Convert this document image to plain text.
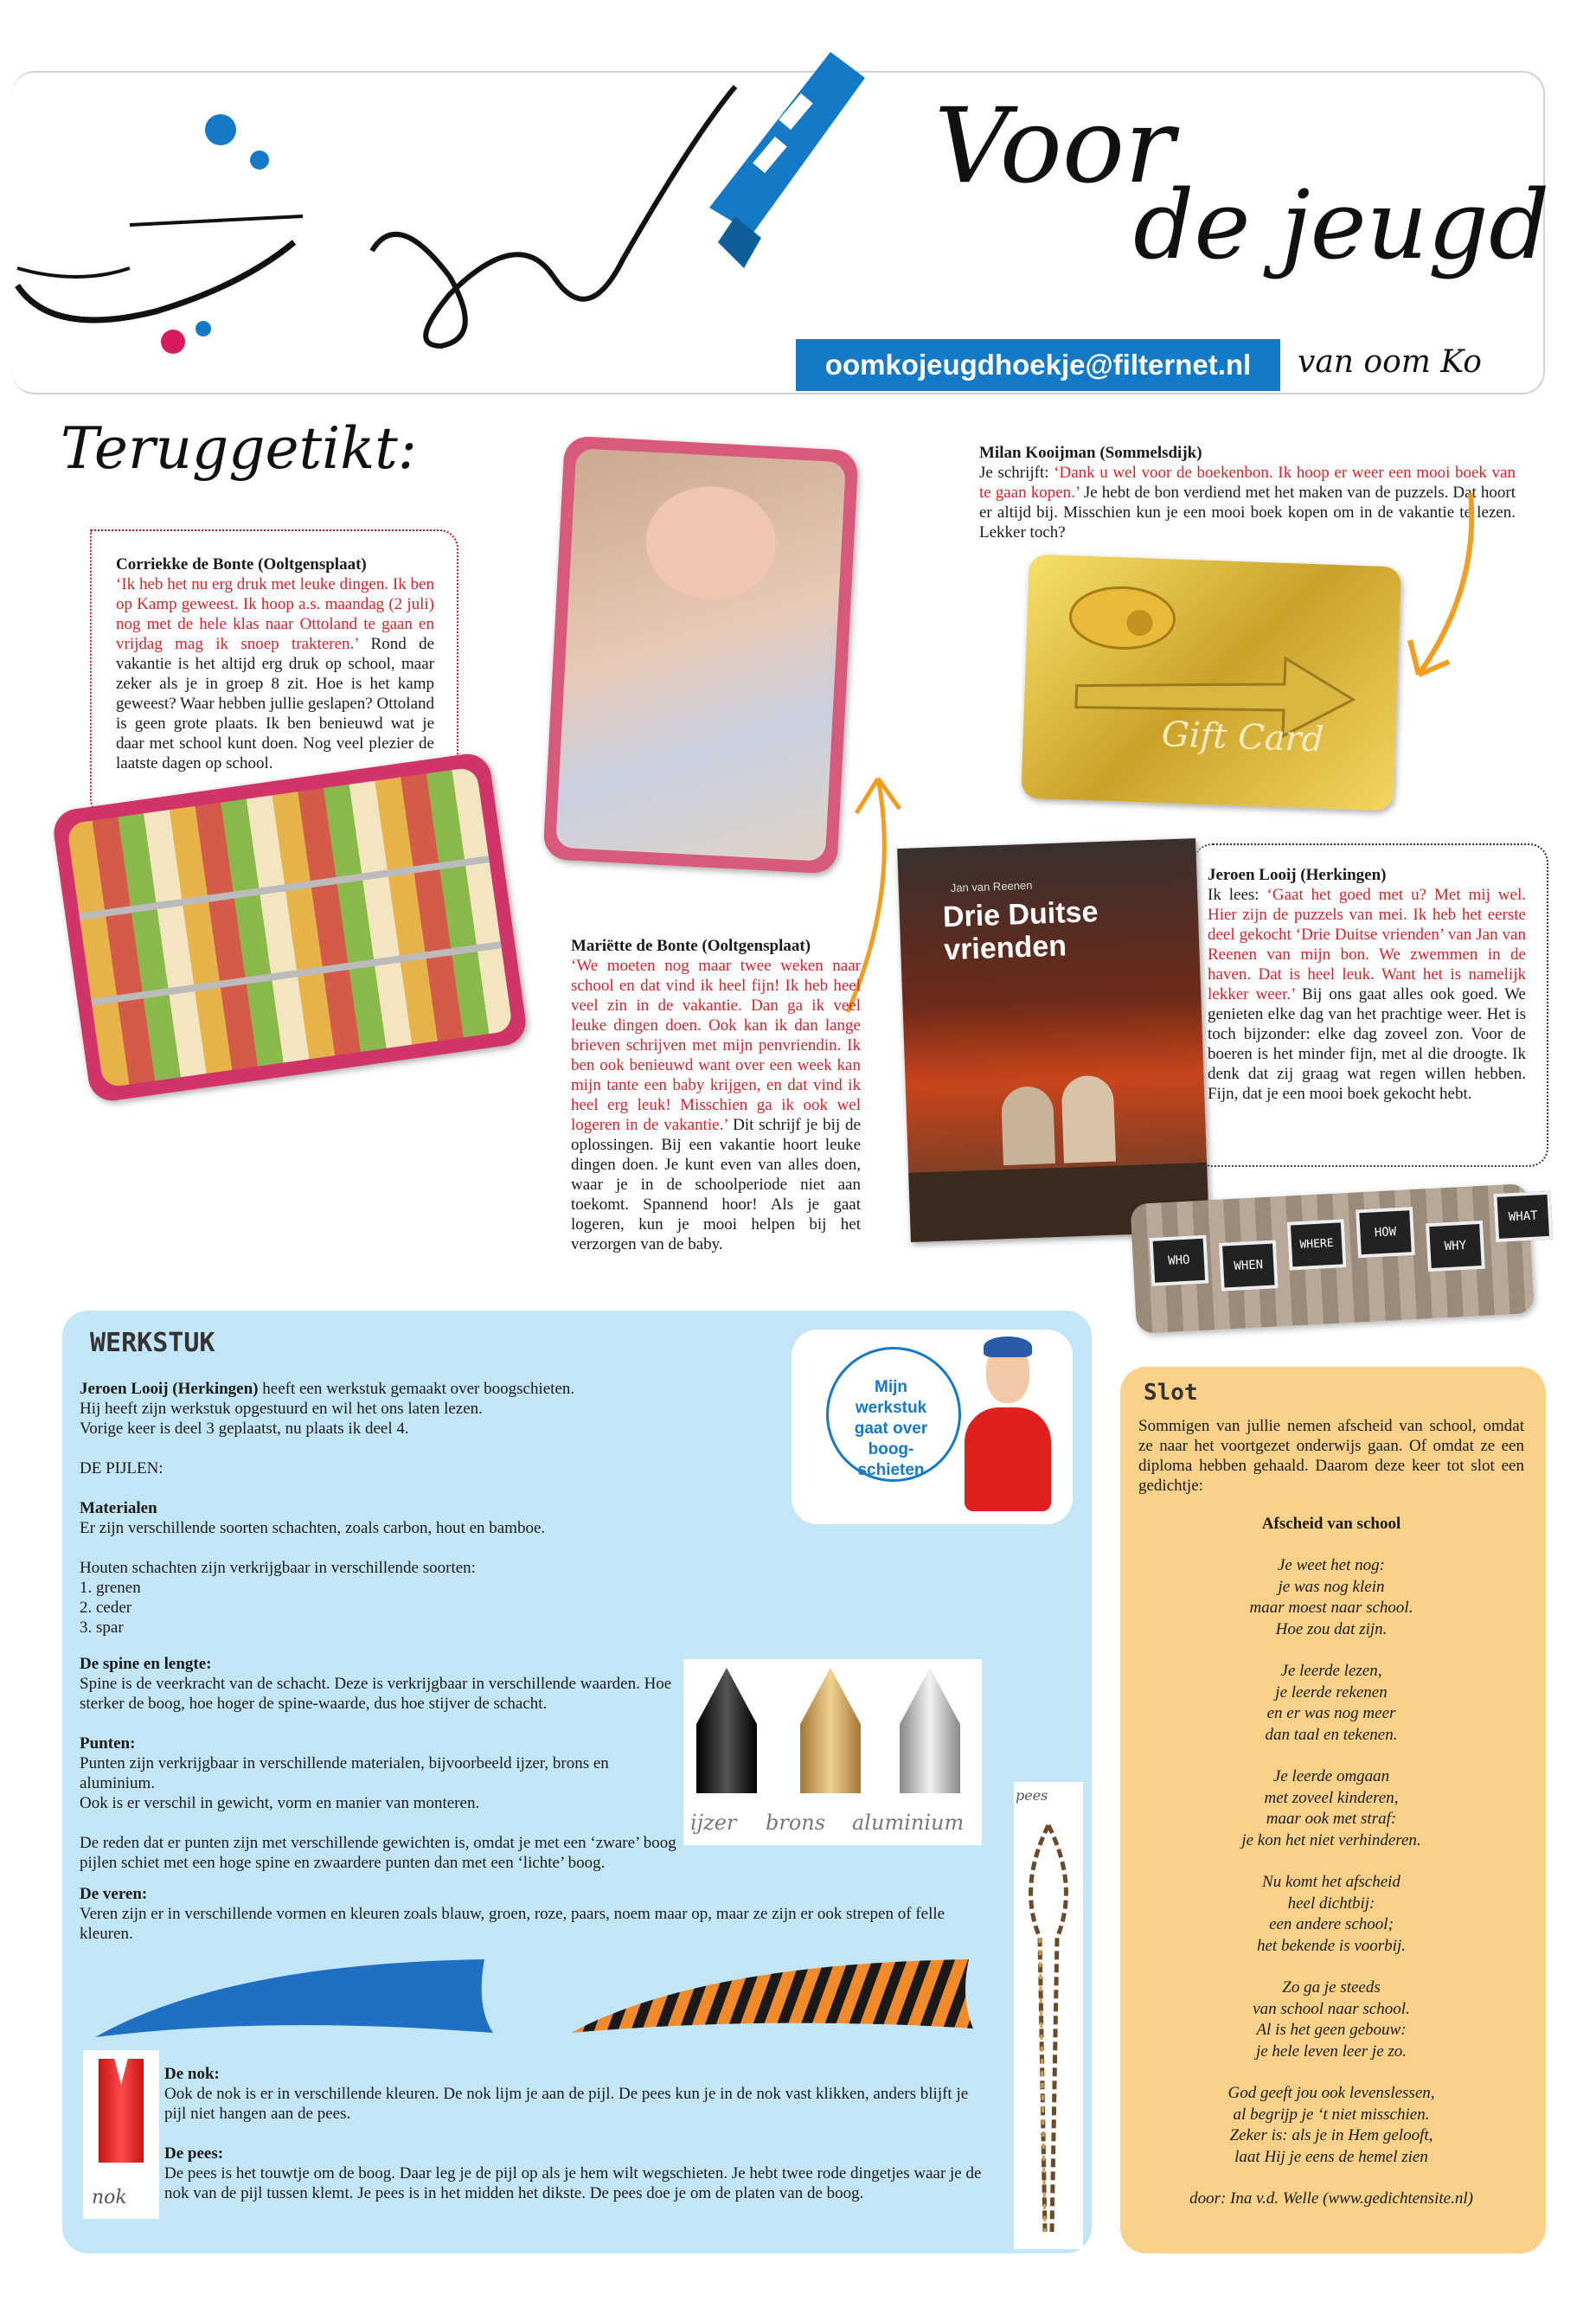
Voor
de jeugd
oomkojeugdhoekje@filternet.nl	van oom Ko
Teruggetikt:

Corriekke de Bonte (Ooltgensplaat)

‘Ik heb het nu erg druk met leuke dingen. Ik ben op Kamp geweest. Ik hoop a.s. maandag (2 juli) nog met de hele klas naar Ottoland te gaan en vrijdag mag ik snoep trakteren.’ Rond de vakantie is het altijd erg druk op school, maar zeker als je in groep 8 zit. Hoe is het kamp geweest? Waar hebben jullie geslapen? Ottoland is geen grote plaats. Ik ben benieuwd wat je daar met school kunt doen. Nog veel plezier de laatste dagen op school.

Milan Kooijman (Sommelsdijk)

Je schrijft: ‘Dank u wel voor de boekenbon. Ik hoop er weer een mooi boek van te gaan kopen.’ Je hebt de bon verdiend met het maken van de puzzels. Dat hoort er altijd bij. Misschien kun je een mooi boek kopen om in de vakantie te lezen. Lekker toch?

Gift Card

Mariëtte de Bonte (Ooltgensplaat)

‘We moeten nog maar twee weken naar school en dat vind ik heel fijn! Ik heb heel veel zin in de vakantie. Dan ga ik veel leuke dingen doen. Ook kan ik dan lange brieven schrijven met mijn penvriendin. Ik ben ook benieuwd want over een week kan mijn tante een baby krijgen, en dat vind ik heel erg leuk! Misschien ga ik ook wel logeren in de vakantie.’ Dit schrijf je bij de oplossingen. Bij een vakantie hoort leuke dingen doen. Je kunt even van alles doen, waar je in de schoolperiode niet aan toekomt. Spannend hoor! Als je gaat logeren, kun je mooi helpen bij het verzorgen van de baby.

Jan van Reenen
Drie Duitse
vrienden

Jeroen Looij (Herkingen)

Ik lees: ‘Gaat het goed met u? Met mij wel. Hier zijn de puzzels van mei. Ik heb het eerste deel gekocht ‘Drie Duitse vrienden’ van Jan van Reenen van mijn bon. We zwemmen in de haven. Dat is heel leuk. Want het is namelijk lekker weer.’ Bij ons gaat alles ook goed. We genieten elke dag van het prachtige weer. Het is toch bijzonder: elke dag zoveel zon. Voor de boeren is het minder fijn, met al die droogte. Ik denk dat zij graag wat regen willen hebben. Fijn, dat je een mooi boek gekocht hebt.

WHO	WHEN
WHERE
HOW
WHY
WHAT
WERKSTUK

Jeroen Looij (Herkingen) heeft een werkstuk gemaakt over boogschieten.

Hij heeft zijn werkstuk opgestuurd en wil het ons laten lezen.

Vorige keer is deel 3 geplaatst, nu plaats ik deel 4.

DE PIJLEN:

Materialen

Er zijn verschillende soorten schachten, zoals carbon, hout en bamboe.

Houten schachten zijn verkrijgbaar in verschillende soorten:

1. grenen

2. ceder

3. spar

De spine en lengte:

Spine is de veerkracht van de schacht. Deze is verkrijgbaar in verschillende waarden. Hoe sterker de boog, hoe hoger de spine-waarde, dus hoe stijver de schacht.

Punten:

Punten zijn verkrijgbaar in verschillende materialen, bijvoorbeeld ijzer, brons en aluminium.

Ook is er verschil in gewicht, vorm en manier van monteren.

De reden dat er punten zijn met verschillende gewichten is, omdat je met een ‘zware’ boog pijlen schiet met een hoge spine en zwaardere punten dan met een ‘lichte’ boog.

De veren:

Veren zijn er in verschillende vormen en kleuren zoals blauw, groen, roze, paars, noem maar op, maar ze zijn er ook strepen of felle kleuren.

nok

De nok:

Ook de nok is er in verschillende kleuren. De nok lijm je aan de pijl. De pees kun je in de nok vast klikken, anders blijft je pijl niet hangen aan de pees.

De pees:

De pees is het touwtje om de boog. Daar leg je de pijl op als je hem wilt wegschieten. Je hebt twee rode dingetjes waar je de nok van de pijl tussen klemt. Je pees is in het midden het dikste. De pees doe je om de platen van de boog.

Mijn werkstuk gaat over boog-schieten
ijzer brons aluminium
pees
Slot
Sommigen van jullie nemen afscheid van school, omdat ze naar het voortgezet onderwijs gaan. Of omdat ze een diploma hebben gehaald. Daarom deze keer tot slot een gedichtje:

Afscheid van school

Je weet het nog:

je was nog klein

maar moest naar school.

Hoe zou dat zijn.

Je leerde lezen,

je leerde rekenen

en er was nog meer

dan taal en tekenen.

Je leerde omgaan

met zoveel kinderen,

maar ook met straf:

je kon het niet verhinderen.

Nu komt het afscheid

heel dichtbij:

een andere school;

het bekende is voorbij.

Zo ga je steeds

van school naar school.

Al is het geen gebouw:

je hele leven leer je zo.

God geeft jou ook levenslessen,

al begrijp je ‘t niet misschien.

Zeker is: als je in Hem gelooft,

laat Hij je eens de hemel zien

door: Ina v.d. Welle (www.gedichtensite.nl)
